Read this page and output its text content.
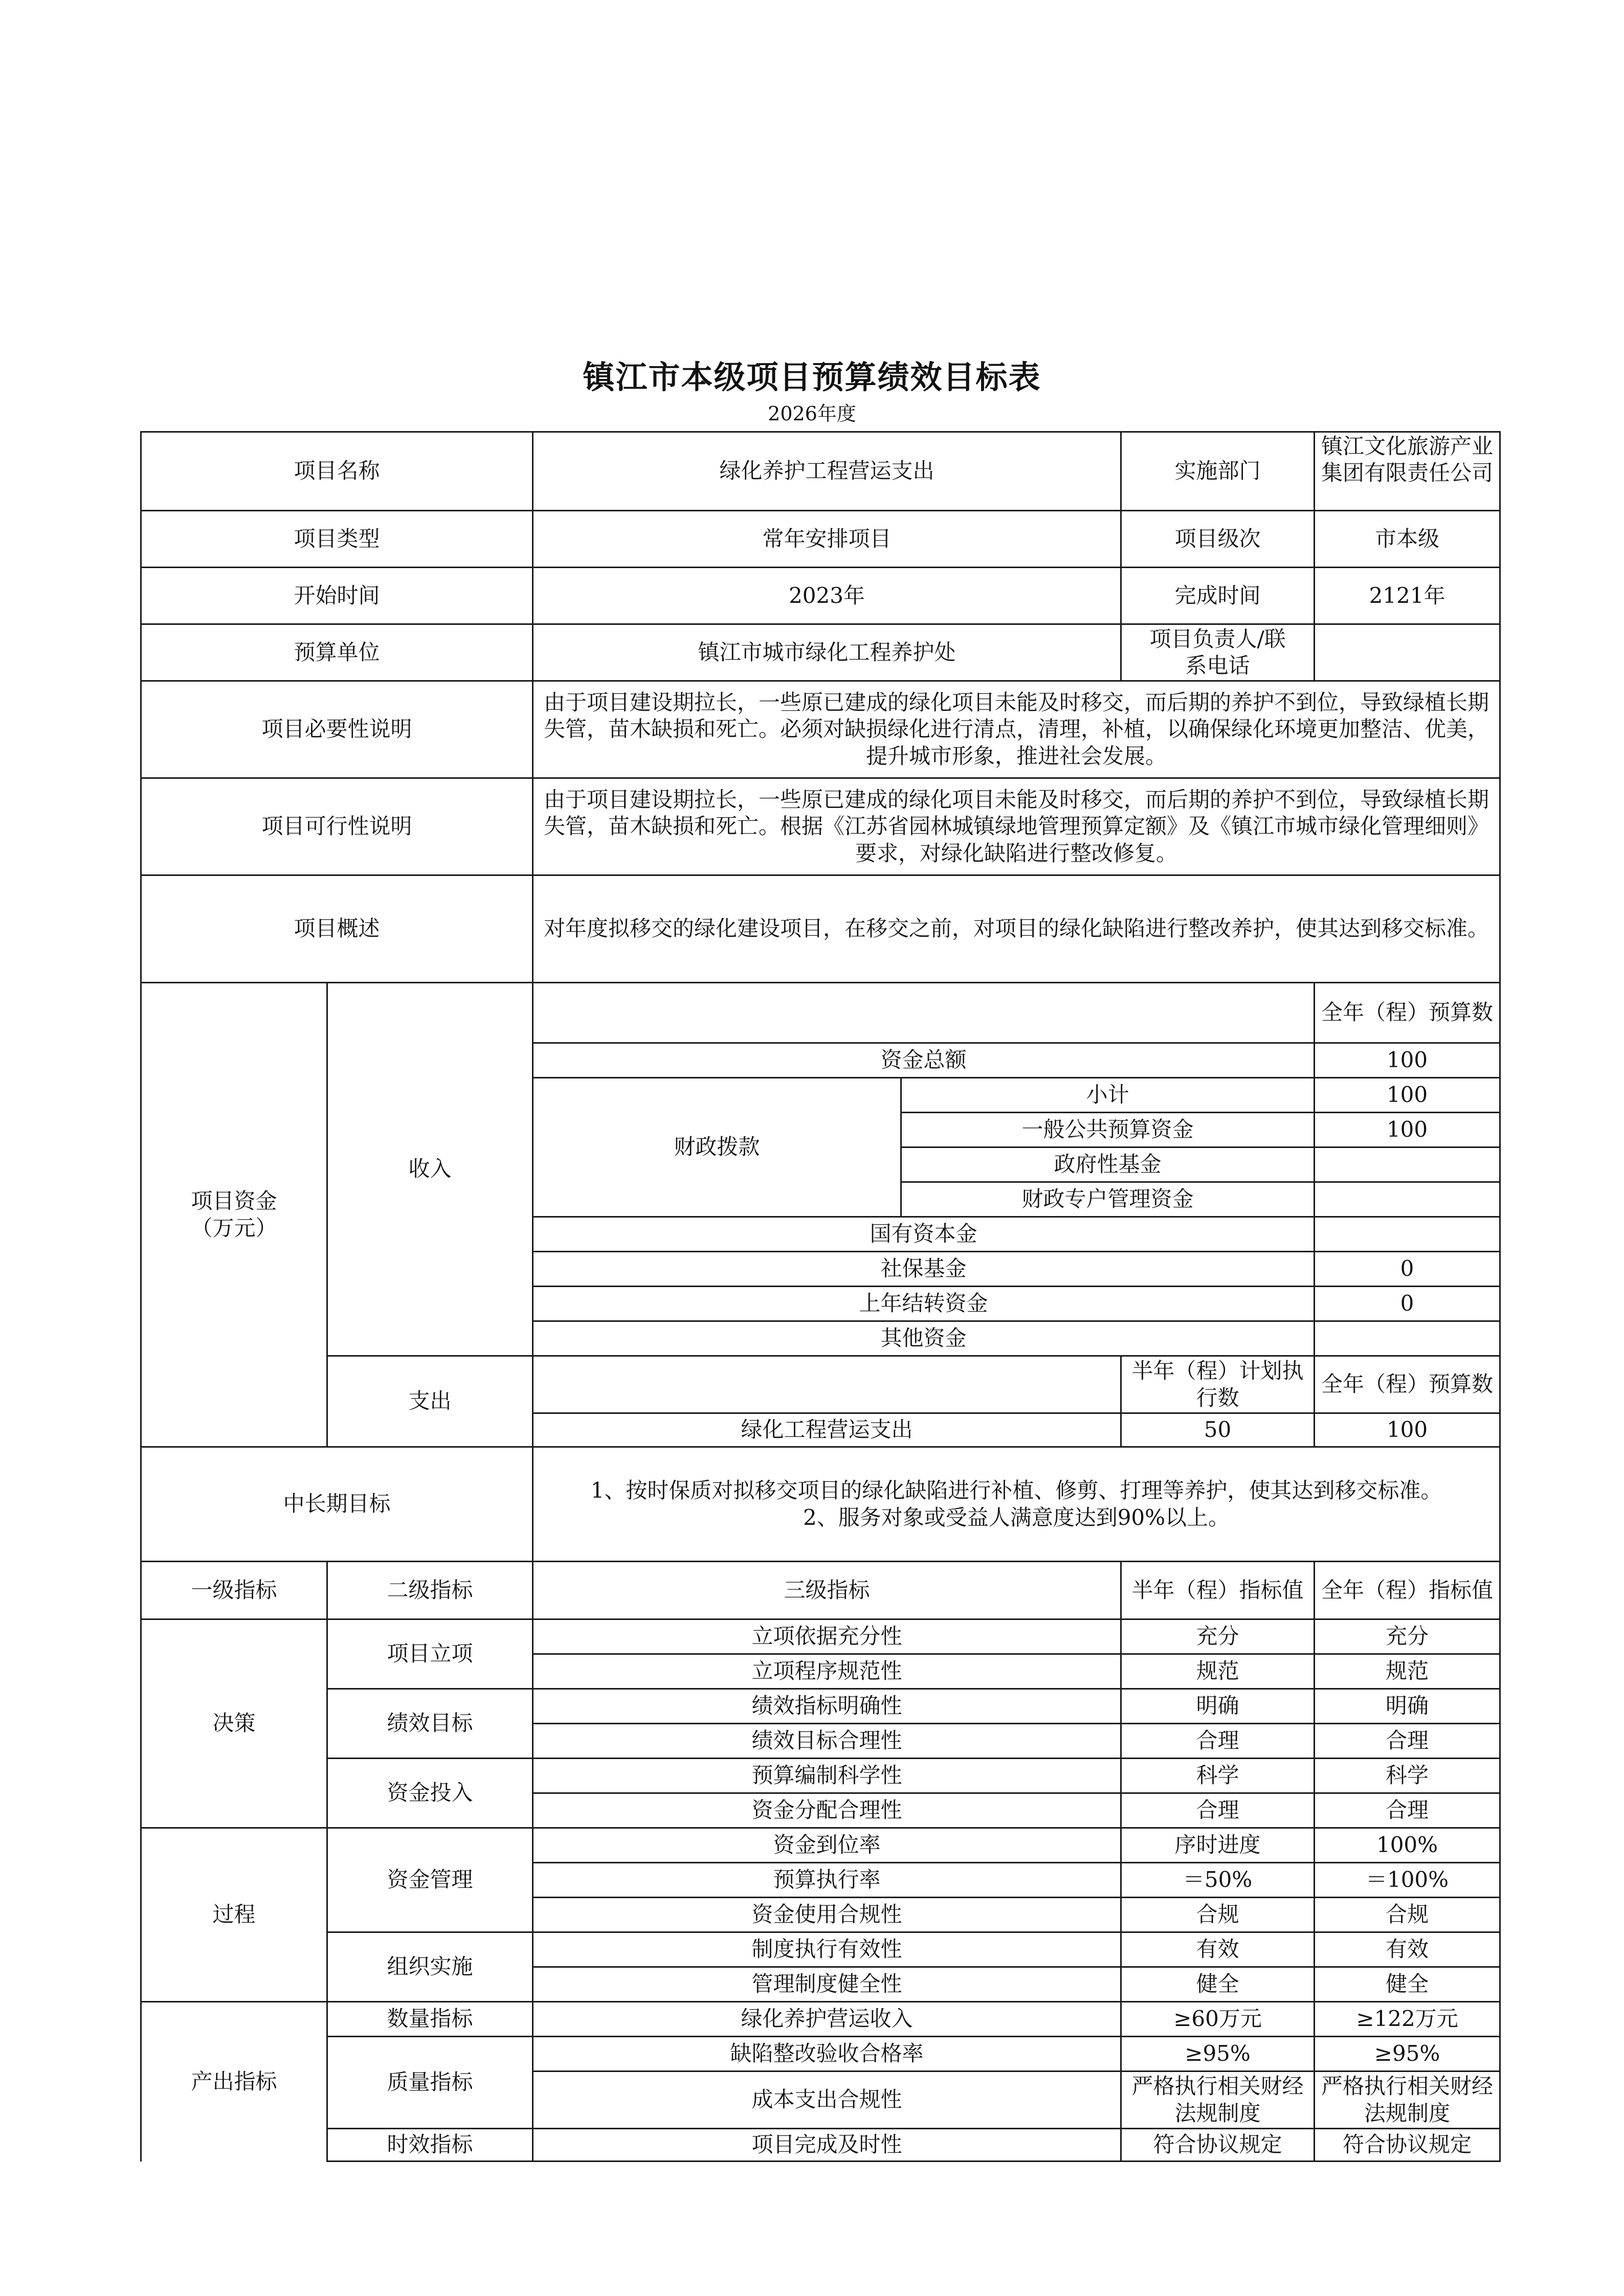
镇江市本级项目预算绩效目标表
2026年度
项目名称		绿化养护工程营运支出		实施部门	镇江文化旅游产业集团有限责任公司

项目类型		常年安排项目		项目级次	市本级
开始时间		2023年		完成时间	2121年
预算单位		镇江市城市绿化工程养护处		项目负责人/联系电话	
项目必要性说明		由于项目建设期拉长，一些原已建成的绿化项目未能及时移交，而后期的养护不到位，导致绿植长期失管，苗木缺损和死亡。必须对缺损绿化进行清点，清理，补植，以确保绿化环境更加整洁、优美，提升城市形象，推进社会发展。			
项目可行性说明		由于项目建设期拉长，一些原已建成的绿化项目未能及时移交，而后期的养护不到位，导致绿植长期失管，苗木缺损和死亡。根据《江苏省园林城镇绿地管理预算定额》及《镇江市城市绿化管理细则》要求，对绿化缺陷进行整改修复。			
项目概述		对年度拟移交的绿化建设项目，在移交之前，对项目的绿化缺陷进行整改养护，使其达到移交标准。			
项目资金（万元）	收入				全年（程）预算数
		资金总额			100
		财政拨款	小计		100
			一般公共预算资金		100
			政府性基金		
			财政专户管理资金		
		国有资本金			
		社保基金			0
		上年结转资金			0
		其他资金			
	支出			半年（程）计划执行数	全年（程）预算数
		绿化工程营运支出		50	100

中长期目标		1、按时保质对拟移交项目的绿化缺陷进行补植、修剪、打理等养护，使其达到移交标准。
2、服务对象或受益人满意度达到90%以上。			

一级指标	二级指标	三级指标		半年（程）指标值	全年（程）指标值
决策	项目立项	立项依据充分性		充分	充分
		立项程序规范性		规范	规范
	绩效目标	绩效指标明确性		明确	明确
		绩效目标合理性		合理	合理
	资金投入	预算编制科学性		科学	科学
		资金分配合理性		合理	合理
过程	资金管理	资金到位率		序时进度	100%
		预算执行率		＝50%	＝100%
		资金使用合规性		合规	合规
	组织实施	制度执行有效性		有效	有效
		管理制度健全性		健全	健全
产出指标	数量指标	绿化养护营运收入		≥60万元	≥122万元
	质量指标	缺陷整改验收合格率		≥95%	≥95%
		成本支出合规性		严格执行相关财经法规制度	严格执行相关财经法规制度
	时效指标	项目完成及时性		符合协议规定	符合协议规定
